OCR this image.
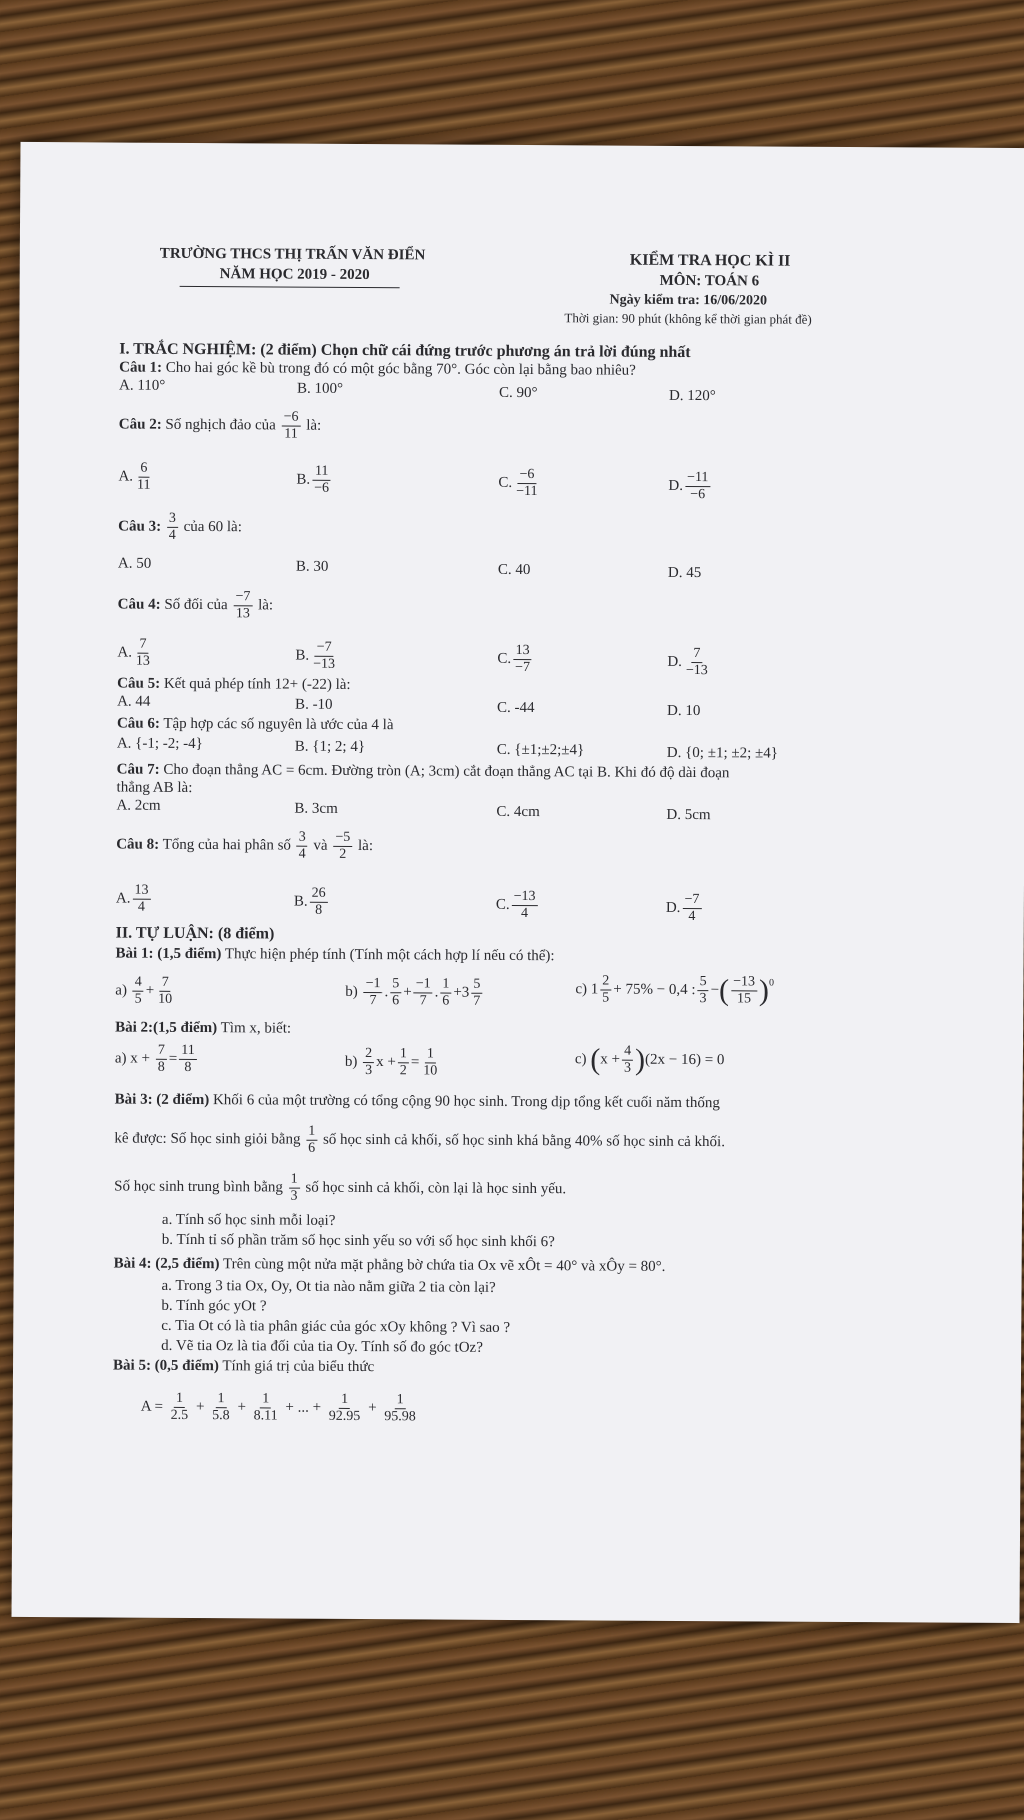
TRƯỜNG THCS THỊ TRẤN VĂN ĐIỂN
NĂM HỌC 2019 - 2020
KIỂM TRA HỌC KÌ II
MÔN: TOÁN 6
Ngày kiểm tra: 16/06/2020
Thời gian: 90 phút (không kể thời gian phát đề)
I. TRẮC NGHIỆM: (2 điểm) Chọn chữ cái đứng trước phương án trả lời đúng nhất
Câu 1: Cho hai góc kề bù trong đó có một góc bằng 70°. Góc còn lại bằng bao nhiêu?
A. 110°	B. 100°	C. 90°	D. 120°
Câu 2: Số nghịch đảo của $\frac{-6}{11}$ là:
A. $\frac{6}{11}$	B. $\frac{11}{-6}$	C. $\frac{-6}{-11}$	D. $\frac{-11}{-6}$
Câu 3: $\frac{3}{4}$ của 60 là:
A. 50	B. 30	C. 40	D. 45
Câu 4: Số đối của $\frac{-7}{13}$ là:
A. $\frac{7}{13}$	B. $\frac{-7}{-13}$	C. $\frac{13}{-7}$	D. $\frac{7}{-13}$
Câu 5: Kết quả phép tính 12+ (-22) là:
A. 44	B. -10	C. -44	D. 10
Câu 6: Tập hợp các số nguyên là ước của 4 là
A. {-1; -2; -4}	B. {1; 2; 4}	C. {±1;±2;±4}	D. {0; ±1; ±2; ±4}
Câu 7: Cho đoạn thẳng AC = 6cm. Đường tròn (A; 3cm) cắt đoạn thẳng AC tại B. Khi đó độ dài đoạn
thẳng AB là:
A. 2cm	B. 3cm	C. 4cm	D. 5cm
Câu 8: Tổng của hai phân số $\frac{3}{4}$ và $\frac{-5}{2}$ là:
A. $\frac{13}{4}$	B. $\frac{26}{8}$	C. $\frac{-13}{4}$	D. $\frac{-7}{4}$
II. TỰ LUẬN: (8 điểm)
Bài 1: (1,5 điểm) Thực hiện phép tính (Tính một cách hợp lí nếu có thể):
$a) \frac{4}{5} + \frac{7}{10}$	$b) \frac{-1}{7}$ . $\frac{5}{6} + \frac{-1}{7}$ . $\frac{1}{6} +3 \frac{5}{7}$	c) $1 \frac{2}{5} + 75\% - 0,4$ : $\frac{5}{3}$ −( $\frac{-13}{15} )^0$
Bài 2:(1,5 điểm) Tìm x, biết:
a) $x + \frac{7}{8} = \frac{11}{8}$	$b) \frac{2}{3}$ $x + \frac{1}{2} = \frac{1}{10}$	c) $(x + \frac{4}{3} )(2x - 16) = 0$
Bài 3: (2 điểm) Khối 6 của một trường có tổng cộng 90 học sinh. Trong dịp tổng kết cuối năm thống
kê được: Số học sinh giỏi bằng $\frac{1}{6}$ số học sinh cả khối, số học sinh khá bằng 40% số học sinh cả khối.
Số học sinh trung bình bằng $\frac{1}{3}$ số học sinh cả khối, còn lại là học sinh yếu.
a. Tính số học sinh mỗi loại?
b. Tính tỉ số phần trăm số học sinh yếu so với số học sinh khối 6?
Bài 4: (2,5 điểm) Trên cùng một nửa mặt phẳng bờ chứa tia Ox vẽ xÔt = 40° và xÔy = 80°.
a. Trong 3 tia Ox, Oy, Ot tia nào nằm giữa 2 tia còn lại?
b. Tính góc yOt ?
c. Tia Ot có là tia phân giác của góc xOy không ? Vì sao ?
d. Vẽ tia Oz là tia đối của tia Oy. Tính số đo góc tOz?
Bài 5: (0,5 điểm) Tính giá trị của biểu thức
$A = \frac{1}{2.5} + \frac{1}{5.8} + \frac{1}{8.11}$ + ... + $\frac{1}{92.95} + \frac{1}{95.98}$
